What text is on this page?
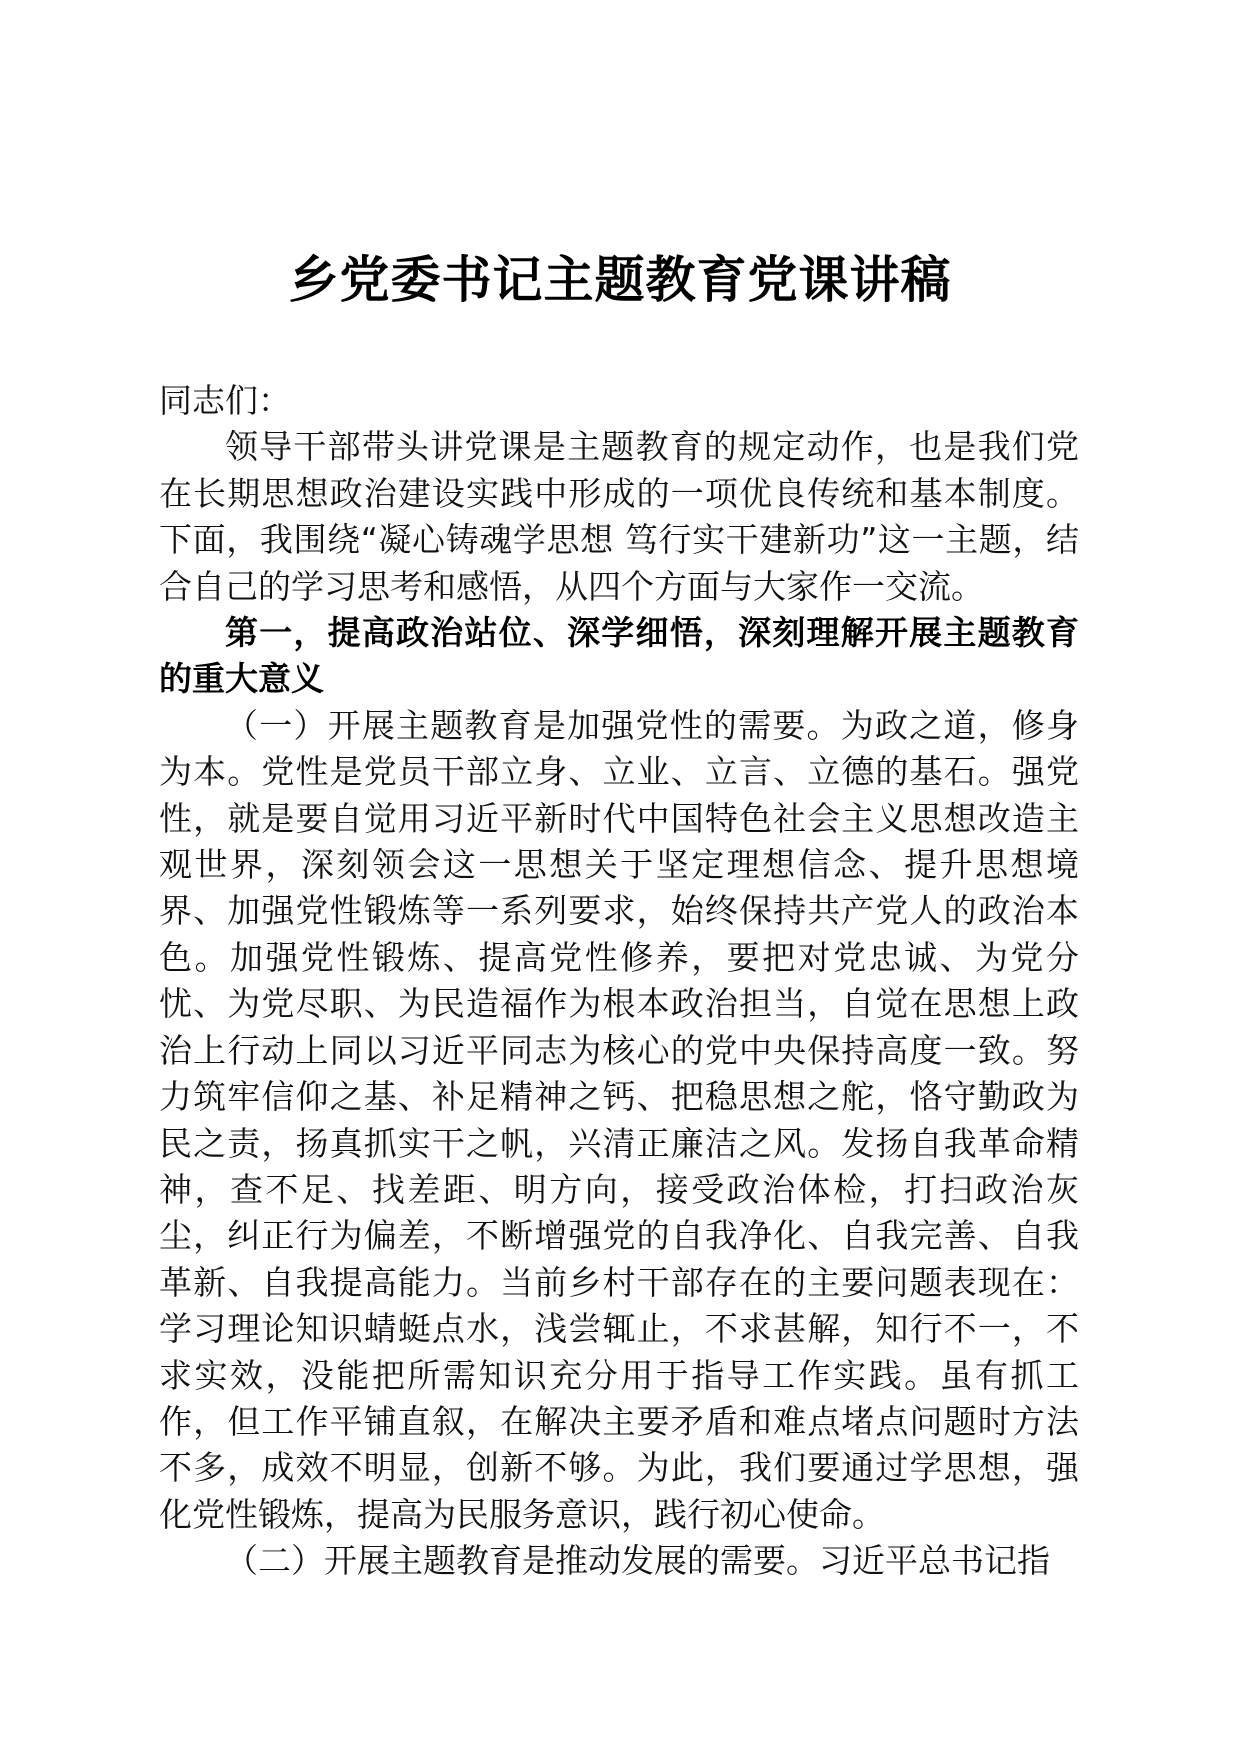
乡党委书记主题教育党课讲稿

同志们：

领导干部带头讲党课是主题教育的规定动作，也是我们党在长期思想政治建设实践中形成的一项优良传统和基本制度。下面，我围绕“凝心铸魂学思想 笃行实干建新功”这一主题，结合自己的学习思考和感悟，从四个方面与大家作一交流。

第一，提高政治站位、深学细悟，深刻理解开展主题教育的重大意义

（一）开展主题教育是加强党性的需要。为政之道，修身为本。党性是党员干部立身、立业、立言、立德的基石。强党性，就是要自觉用习近平新时代中国特色社会主义思想改造主观世界，深刻领会这一思想关于坚定理想信念、提升思想境界、加强党性锻炼等一系列要求，始终保持共产党人的政治本色。加强党性锻炼、提高党性修养，要把对党忠诚、为党分忧、为党尽职、为民造福作为根本政治担当，自觉在思想上政治上行动上同以习近平同志为核心的党中央保持高度一致。努力筑牢信仰之基、补足精神之钙、把稳思想之舵，恪守勤政为民之责，扬真抓实干之帆，兴清正廉洁之风。发扬自我革命精神，查不足、找差距、明方向，接受政治体检，打扫政治灰尘，纠正行为偏差，不断增强党的自我净化、自我完善、自我革新、自我提高能力。当前乡村干部存在的主要问题表现在：学习理论知识蜻蜓点水，浅尝辄止，不求甚解，知行不一，不求实效，没能把所需知识充分用于指导工作实践。虽有抓工作，但工作平铺直叙，在解决主要矛盾和难点堵点问题时方法不多，成效不明显，创新不够。为此，我们要通过学思想，强化党性锻炼，提高为民服务意识，践行初心使命。

（二）开展主题教育是推动发展的需要。习近平总书记指
